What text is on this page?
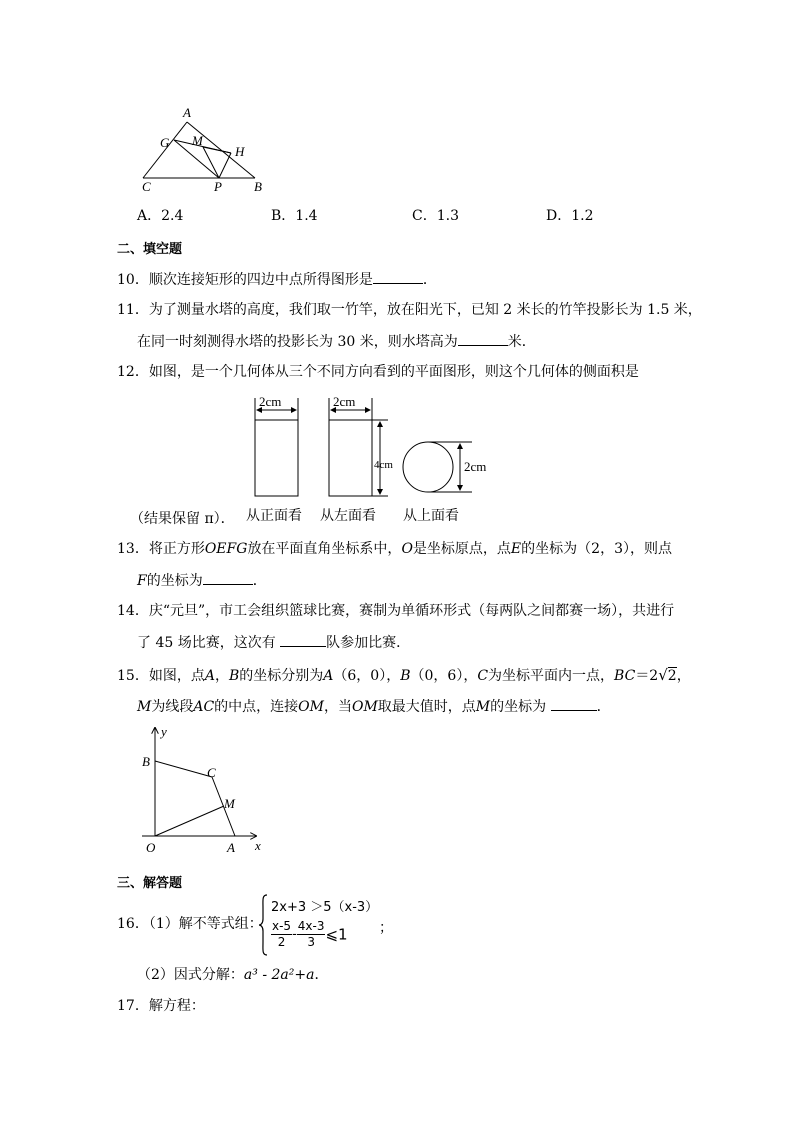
A
G M
H
C	P B
A．2.4	B．1.4	C．1.3	D．1.2
二、填空题
10．顺次连接矩形的四边中点所得图形是	．
11．为了测量水塔的高度，我们取一竹竿，放在阳光下，已知 2 米长的竹竿投影长为 1.5 米，
在同一时刻测得水塔的投影长为 30 米，则水塔高为	米．
12．如图，是一个几何体从三个不同方向看到的平面图形，则这个几何体的侧面积是
2cm	2cm
4cm	2cm
从正面看 从左面看 从上面看
（结果保留 π）．
13．将正方形OEFG放在平面直角坐标系中，O是坐标原点，点E的坐标为（2，3），则点
F的坐标为	．
14．庆“元旦”，市工会组织篮球比赛，赛制为单循环形式（每两队之间都赛一场），共进行
了 45 场比赛，这次有	队参加比赛．
15．如图，点A，B的坐标分别为A（6，0），B（0，6），C为坐标平面内一点，BC＝2√2，
M为线段AC的中点，连接OM，当OM取最大值时，点M的坐标为	．
y
x
O	A
B
C
M
三、解答题
16．（1）解不等式组：
2x+3 ＞5（x-3）
$\frac{x-5}{2} - \frac{4x-3}{3}$ ⩽1 ；
（2）因式分解：a³ - 2a²+a．
17．解方程：
